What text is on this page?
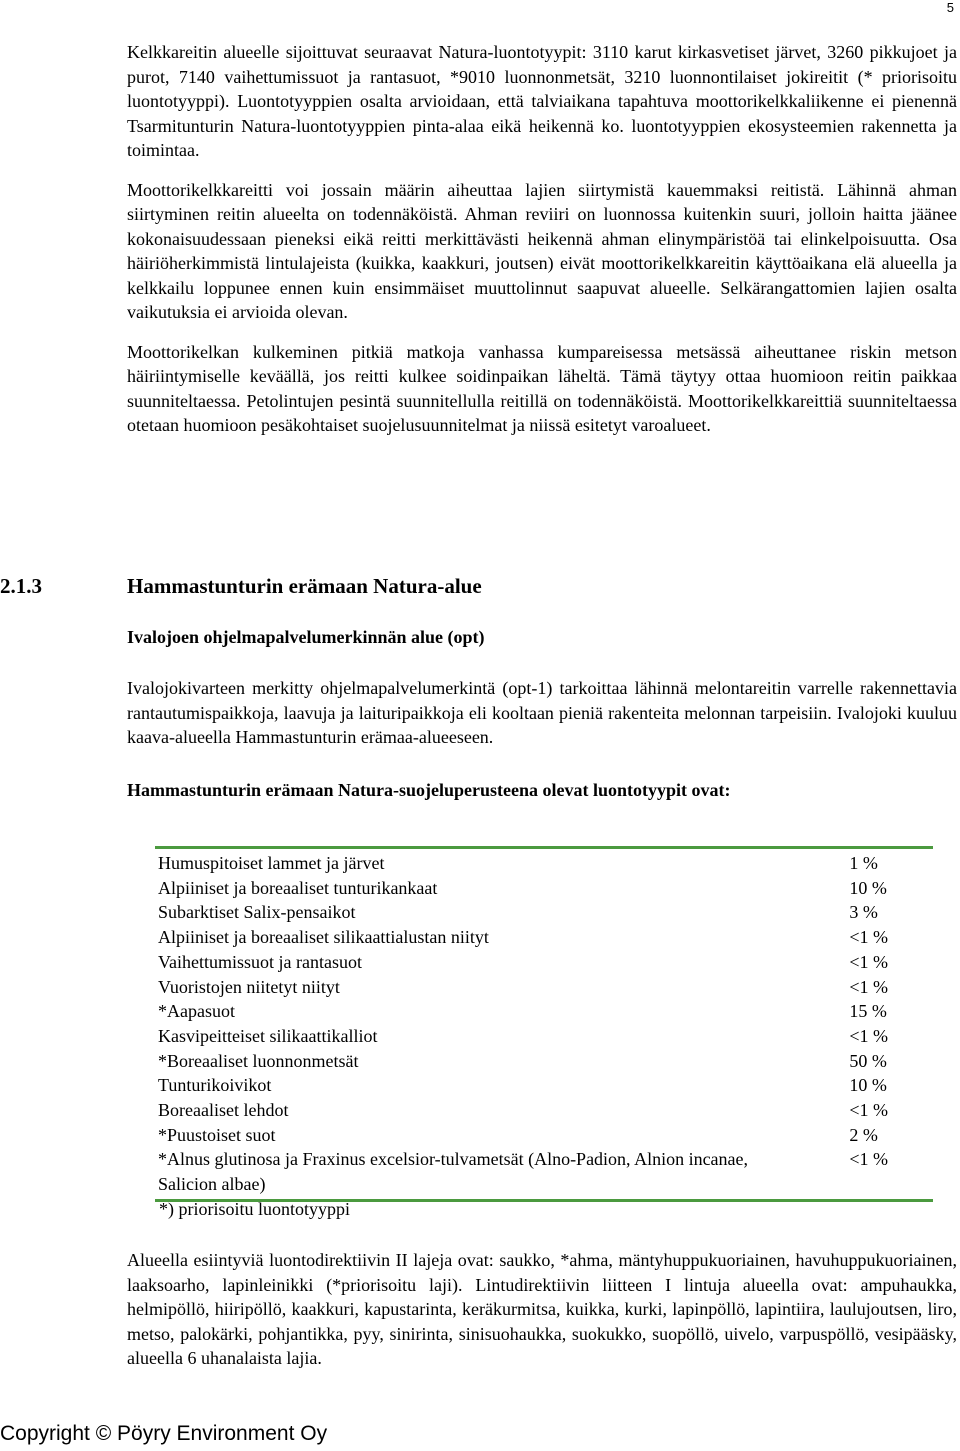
5

Kelkkareitin alueelle sijoittuvat seuraavat Natura-luontotyypit: 3110 karut kirkasvetiset järvet, 3260 pikkujoet ja purot, 7140 vaihettumissuot ja rantasuot, *9010 luonnonmetsät, 3210 luonnontilaiset jokireitit (* priorisoitu luontotyyppi). Luontotyyppien osalta arvioidaan, että talviaikana tapahtuva moottorikelkkaliikenne ei pienennä Tsarmitunturin Natura-luontotyyppien pinta-alaa eikä heikennä ko. luontotyyppien ekosysteemien rakennetta ja toimintaa.

Moottorikelkkareitti voi jossain määrin aiheuttaa lajien siirtymistä kauemmaksi reitistä. Lähinnä ahman siirtyminen reitin alueelta on todennäköistä. Ahman reviiri on luonnossa kuitenkin suuri, jolloin haitta jäänee kokonaisuudessaan pieneksi eikä reitti merkittävästi heikennä ahman elinympäristöä tai elinkelpoisuutta. Osa häiriöherkimmistä lintulajeista (kuikka, kaakkuri, joutsen) eivät moottorikelkkareitin käyttöaikana elä alueella ja kelkkailu loppunee ennen kuin ensimmäiset muuttolinnut saapuvat alueelle. Selkärangattomien lajien osalta vaikutuksia ei arvioida olevan.

Moottorikelkan kulkeminen pitkiä matkoja vanhassa kumpareisessa metsässä aiheuttanee riskin metson häiriintymiselle keväällä, jos reitti kulkee soidinpaikan läheltä. Tämä täytyy ottaa huomioon reitin paikkaa suunniteltaessa. Petolintujen pesintä suunnitellulla reitillä on todennäköistä. Moottorikelkkareittiä suunniteltaessa otetaan huomioon pesäkohtaiset suojelusuunnitelmat ja niissä esitetyt varoalueet.

2.1.3	Hammastunturin erämaan Natura-alue
Ivalojoen ohjelmapalvelumerkinnän alue (opt)

Ivalojokivarteen merkitty ohjelmapalvelumerkintä (opt-1) tarkoittaa lähinnä melontareitin varrelle rakennettavia rantautumispaikkoja, laavuja ja laituripaikkoja eli kooltaan pieniä rakenteita melonnan tarpeisiin. Ivalojoki kuuluu kaava-alueella Hammastunturin erämaa-alueeseen.

Hammastunturin erämaan Natura-suojeluperusteena olevat luontotyypit ovat:
Humuspitoiset lammet ja järvet	1 %
Alpiiniset ja boreaaliset tunturikankaat	10 %
Subarktiset Salix-pensaikot	3 %
Alpiiniset ja boreaaliset silikaattialustan niityt	<1 %
Vaihettumissuot ja rantasuot	<1 %
Vuoristojen niitetyt niityt	<1 %
*Aapasuot	15 %
Kasvipeitteiset silikaattikalliot	<1 %
*Boreaaliset luonnonmetsät	50 %
Tunturikoivikot	10 %
Boreaaliset lehdot	<1 %
*Puustoiset suot	2 %
*Alnus glutinosa ja Fraxinus excelsior-tulvametsät (Alno-Padion, Alnion incanae, Salicion albae)	<1 %
*) priorisoitu luontotyyppi

Alueella esiintyviä luontodirektiivin II lajeja ovat: saukko, *ahma, mäntyhuppukuoriainen, havuhuppukuoriainen, laaksoarho, lapinleinikki (*priorisoitu laji). Lintudirektiivin liitteen I lintuja alueella ovat: ampuhaukka, helmipöllö, hiiripöllö, kaakkuri, kapustarinta, keräkurmitsa, kuikka, kurki, lapinpöllö, lapintiira, laulujoutsen, liro, metso, palokärki, pohjantikka, pyy, sinirinta, sinisuohaukka, suokukko, suopöllö, uivelo, varpuspöllö, vesipääsky, alueella 6 uhanalaista lajia.

Copyright © Pöyry Environment Oy
